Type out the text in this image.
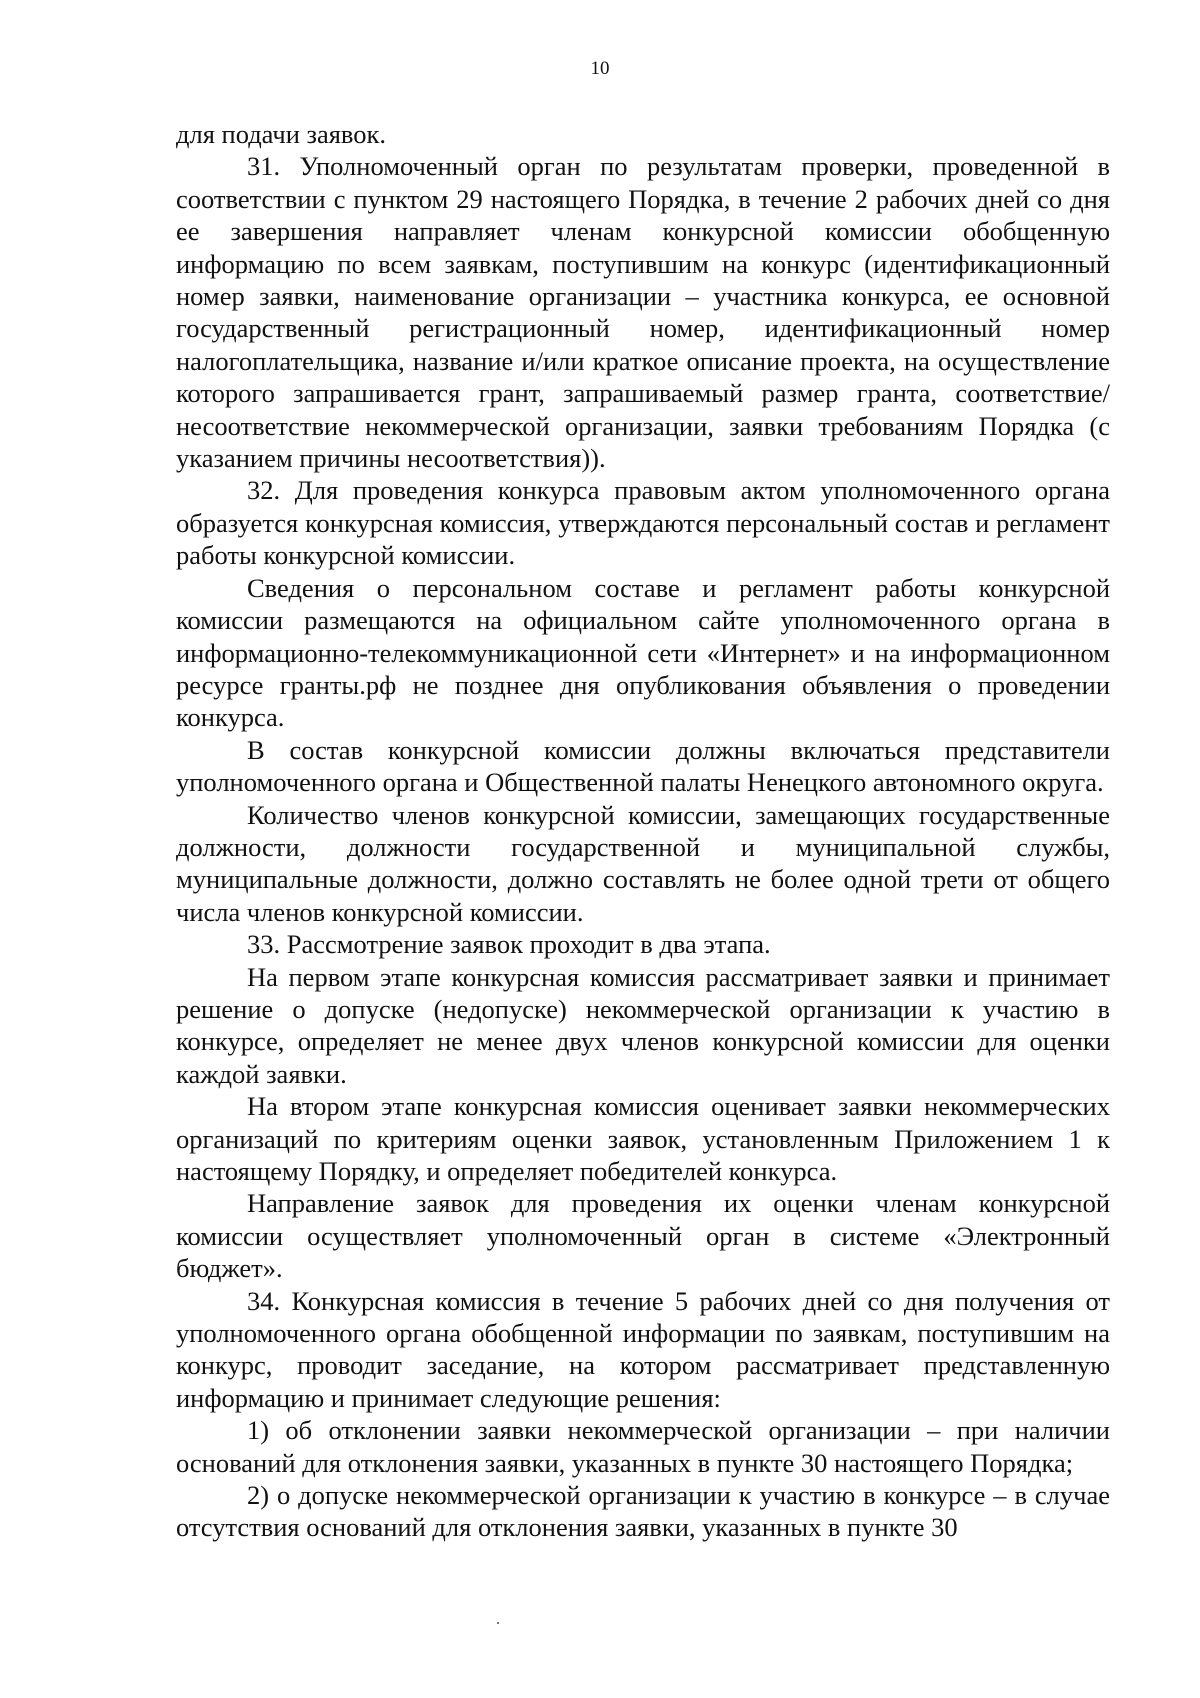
10

для подачи заявок.

31. Уполномоченный орган по результатам проверки, проведенной в соответствии с пунктом 29 настоящего Порядка, в течение 2 рабочих дней со дня ее завершения направляет членам конкурсной комиссии обобщенную информацию по всем заявкам, поступившим на конкурс (идентификационный номер заявки, наименование организации – участника конкурса, ее основной государственный регистрационный номер, идентификационный номер налогоплательщика, название и/или краткое описание проекта, на осуществление которого запрашивается грант, запрашиваемый размер гранта, соответствие/несоответствие некоммерческой организации, заявки требованиям Порядка (с указанием причины несоответствия)).

32. Для проведения конкурса правовым актом уполномоченного органа образуется конкурсная комиссия, утверждаются персональный состав и регламент работы конкурсной комиссии.

Сведения о персональном составе и регламент работы конкурсной комиссии размещаются на официальном сайте уполномоченного органа в информационно-телекоммуникационной сети «Интернет» и на информационном ресурсе гранты.рф не позднее дня опубликования объявления о проведении конкурса.

В состав конкурсной комиссии должны включаться представители уполномоченного органа и Общественной палаты Ненецкого автономного округа.

Количество членов конкурсной комиссии, замещающих государственные должности, должности государственной и муниципальной службы, муниципальные должности, должно составлять не более одной трети от общего числа членов конкурсной комиссии.

33. Рассмотрение заявок проходит в два этапа.

На первом этапе конкурсная комиссия рассматривает заявки и принимает решение о допуске (недопуске) некоммерческой организации к участию в конкурсе, определяет не менее двух членов конкурсной комиссии для оценки каждой заявки.

На втором этапе конкурсная комиссия оценивает заявки некоммерческих организаций по критериям оценки заявок, установленным Приложением 1 к настоящему Порядку, и определяет победителей конкурса.

Направление заявок для проведения их оценки членам конкурсной комиссии осуществляет уполномоченный орган в системе «Электронный бюджет».

34. Конкурсная комиссия в течение 5 рабочих дней со дня получения от уполномоченного органа обобщенной информации по заявкам, поступившим на конкурс, проводит заседание, на котором рассматривает представленную информацию и принимает следующие решения:

1) об отклонении заявки некоммерческой организации – при наличии оснований для отклонения заявки, указанных в пункте 30 настоящего Порядка;

2) о допуске некоммерческой организации к участию в конкурсе – в случае отсутствия оснований для отклонения заявки, указанных в пункте 30
